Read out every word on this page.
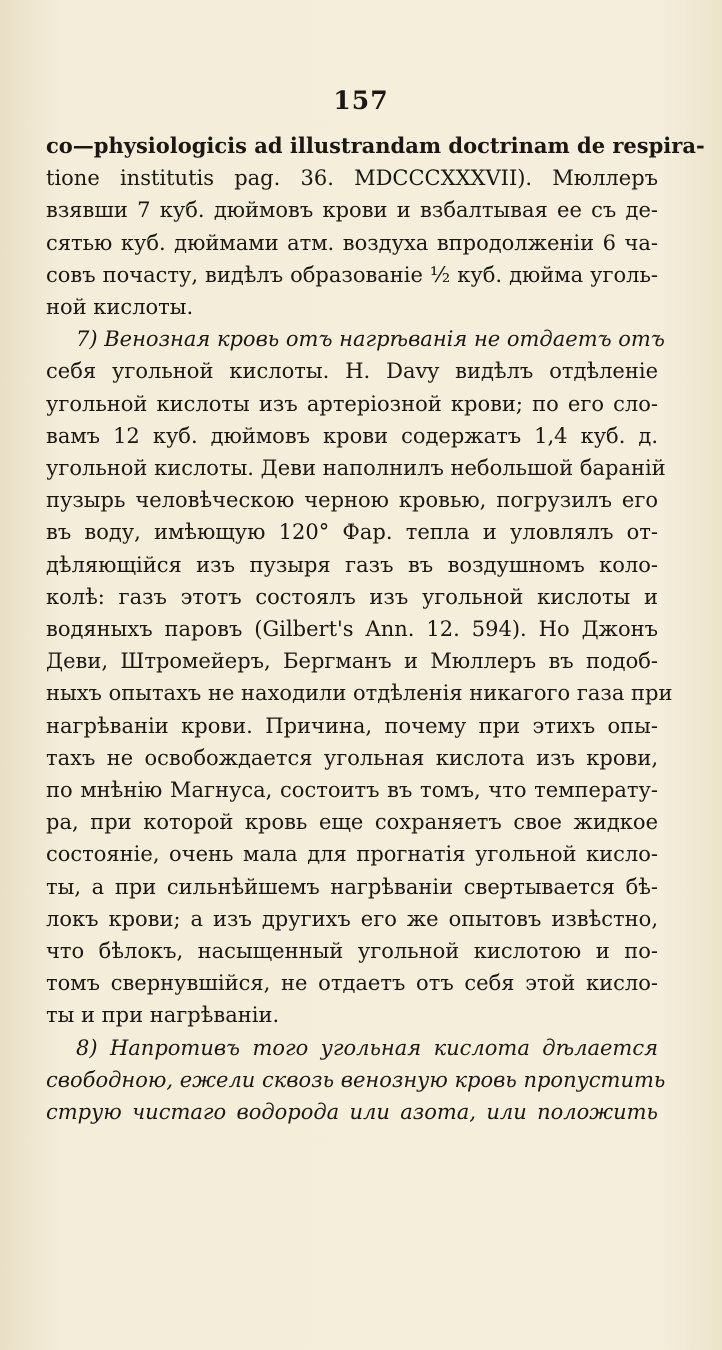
157
co—physiologicis ad illustrandam doctrinam de respira-
tione institutis pag. 36. MDCCCXXXVII). Мюллеръ
взявши 7 куб. дюймовъ крови и взбалтывая ее съ де-
сятью куб. дюймами атм. воздуха впродолженіи 6 ча-
совъ почасту, видѣлъ образованіе ½ куб. дюйма уголь-
ной кислоты.
7) Венозная кровь отъ нагрѣванія не отдаетъ отъ
себя угольной кислоты. Н. Davy видѣлъ отдѣленіе
угольной кислоты изъ артеріозной крови; по его сло-
вамъ 12 куб. дюймовъ крови содержатъ 1,4 куб. д.
угольной кислоты. Деви наполнилъ небольшой бараній
пузырь человѣческою черною кровью, погрузилъ его
въ воду, имѣющую 120° Фар. тепла и уловлялъ от-
дѣляющійся изъ пузыря газъ въ воздушномъ коло-
колѣ: газъ этотъ состоялъ изъ угольной кислоты и
водяныхъ паровъ (Gilbert's Ann. 12. 594). Но Джонъ
Деви, Штромейеръ, Бергманъ и Мюллеръ въ подоб-
ныхъ опытахъ не находили отдѣленія никагого газа при
нагрѣваніи крови. Причина, почему при этихъ опы-
тахъ не освобождается угольная кислота изъ крови,
по мнѣнію Магнуса, состоитъ въ томъ, что температу-
ра, при которой кровь еще сохраняетъ свое жидкое
состояніе, очень мала для прогнатія угольной кисло-
ты, а при сильнѣйшемъ нагрѣваніи свертывается бѣ-
локъ крови; а изъ другихъ его же опытовъ извѣстно,
что бѣлокъ, насыщенный угольной кислотою и по-
томъ свернувшійся, не отдаетъ отъ себя этой кисло-
ты и при нагрѣваніи.
8) Напротивъ того угольная кислота дѣлается
свободною, ежели сквозь венозную кровь пропустить
струю чистаго водорода или азота, или положить
